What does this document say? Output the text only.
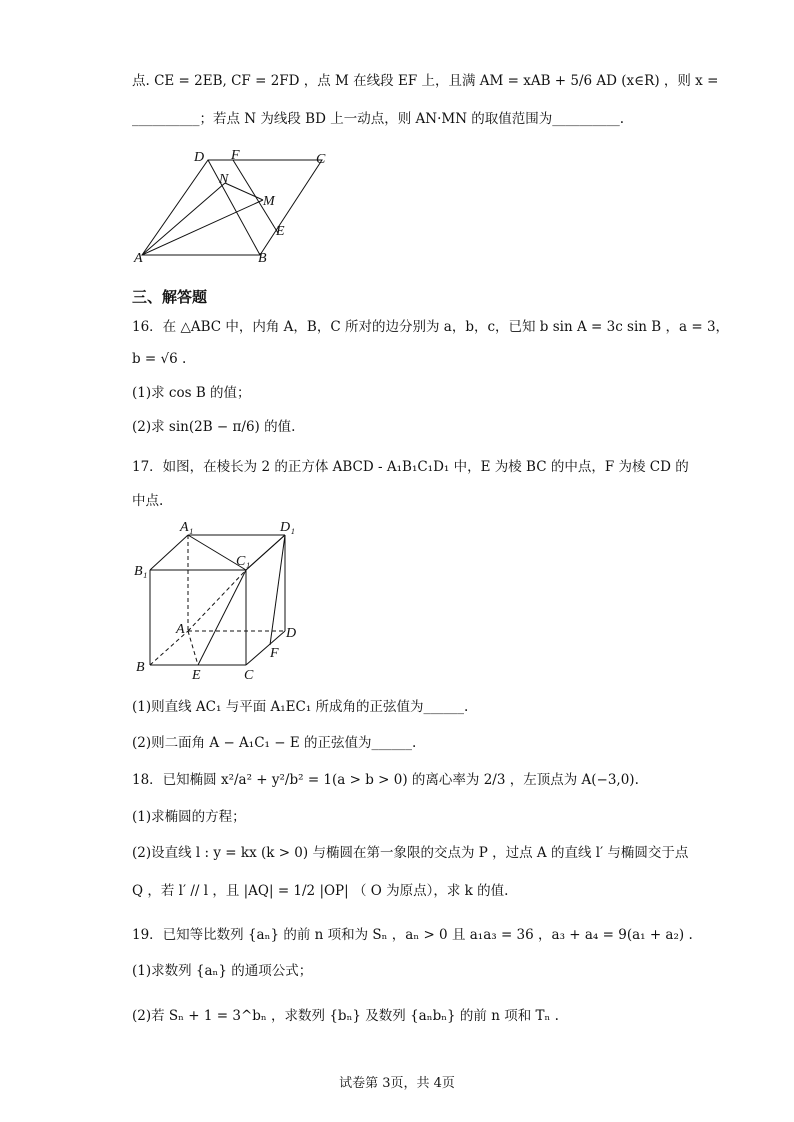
点. CE = 2EB, CF = 2FD ，点 M 在线段 EF 上，且满 AM = xAB + 5/6 AD (x∈R) ，则 x =
__________；若点 N 为线段 BD 上一动点，则 AN·MN 的取值范围为__________.
D F	C
N
M
E
A	B
三、解答题
16．在 △ABC 中，内角 A，B，C 所对的边分别为 a，b，c，已知 b sin A = 3c sin B ，a = 3，
b = √6 .
(1)求 cos B 的值；
(2)求 sin(2B − π/6) 的值.
17．如图，在棱长为 2 的正方体 ABCD - A₁B₁C₁D₁ 中，E 为棱 BC 的中点，F 为棱 CD 的
中点.
A₁	D₁
C₁
B₁
A	D
F
B
E	C
(1)则直线 AC₁ 与平面 A₁EC₁ 所成角的正弦值为______.
(2)则二面角 A − A₁C₁ − E 的正弦值为______.
18．已知椭圆 x²/a² + y²/b² = 1(a > b > 0) 的离心率为 2/3 ，左顶点为 A(−3,0).
(1)求椭圆的方程；
(2)设直线 l : y = kx (k > 0) 与椭圆在第一象限的交点为 P ，过点 A 的直线 l′ 与椭圆交于点
Q ，若 l′ // l ，且 |AQ| = 1/2 |OP| （ O 为原点），求 k 的值.
19．已知等比数列 {aₙ} 的前 n 项和为 Sₙ ，aₙ > 0 且 a₁a₃ = 36 ，a₃ + a₄ = 9(a₁ + a₂) .
(1)求数列 {aₙ} 的通项公式；
(2)若 Sₙ + 1 = 3^bₙ ，求数列 {bₙ} 及数列 {aₙbₙ} 的前 n 项和 Tₙ .
试卷第 3页，共 4页
